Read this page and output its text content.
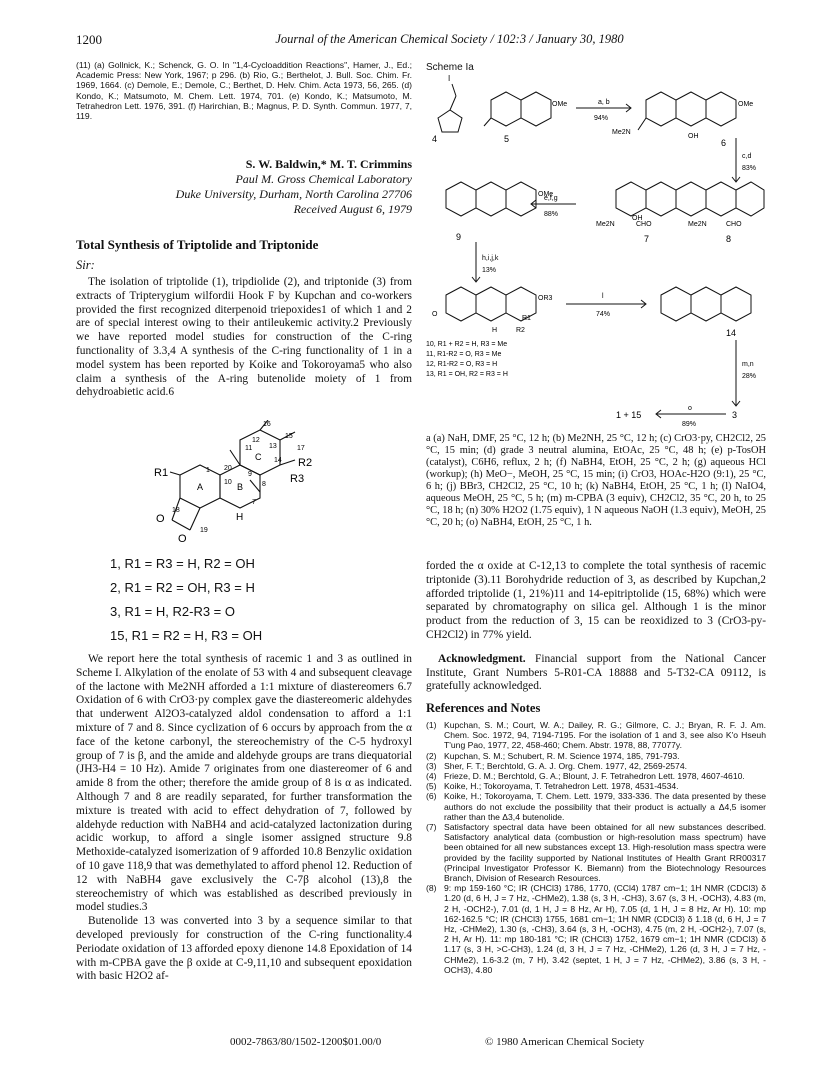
1200	Journal of the American Chemical Society / 102:3 / January 30, 1980
(11) (a) Gollnick, K.; Schenck, G. O. In "1,4-Cycloaddition Reactions", Hamer, J., Ed.; Academic Press: New York, 1967; p 296. (b) Rio, G.; Berthelot, J. Bull. Soc. Chim. Fr. 1969, 1664. (c) Demole, E.; Demole, C.; Berthet, D. Helv. Chim. Acta 1973, 56, 265. (d) Kondo, K.; Matsumoto, M. Chem. Lett. 1974, 701. (e) Kondo, K.; Matsumoto, M. Tetrahedron Lett. 1976, 391. (f) Harirchian, B.; Magnus, P. D. Synth. Commun. 1977, 7, 119.
S. W. Baldwin,* M. T. Crimmins
Paul M. Gross Chemical Laboratory
Duke University, Durham, North Carolina 27706
Received August 6, 1979
Total Synthesis of Triptolide and Triptonide
Sir:

The isolation of triptolide (1), tripdiolide (2), and triptonide (3) from extracts of Tripterygium wilfordii Hook F by Kupchan and co-workers provided the first recognized diterpenoid triepoxides1 of which 1 and 2 are of special interest owing to their antileukemic activity.2 Previously we have reported model studies for construction of the C-ring functionality of 3.3,4 A synthesis of the C-ring functionality of 1 in a model system has been reported by Koike and Tokoroyama5 who also claim a synthesis of the A-ring butenolide moiety of 1 from dehydroabietic acid.6

16
15
17
12
13
14
11
20
C	R2
R1	R3
A	10 B	8
1
9
7
H
18
O
O
19
1, R1 = R3 = H, R2 = OH
2, R1 = R2 = OH, R3 = H
3, R1 = H, R2-R3 = O
15, R1 = R2 = H, R3 = OH

We report here the total synthesis of racemic 1 and 3 as outlined in Scheme I. Alkylation of the enolate of 53 with 4 and subsequent cleavage of the lactone with Me2NH afforded a 1:1 mixture of diastereomers 6.7 Oxidation of 6 with CrO3·py complex gave the diastereomeric aldehydes that underwent Al2O3-catalyzed aldol condensation to afford a 1:1 mixture of 7 and 8. Since cyclization of 6 occurs by approach from the α face of the ketone carbonyl, the stereochemistry of the C-5 hydroxyl group of 7 is β, and the amide and aldehyde groups are trans diequatorial (JH3-H4 = 10 Hz). Amide 7 originates from one diastereomer of 6 and amide 8 from the other; therefore the amide group of 8 is α as indicated. Although 7 and 8 are readily separated, for further transformation the mixture is treated with acid to effect dehydration of 7, followed by aldehyde reduction with NaBH4 and acid-catalyzed lactonization during acidic workup, to afford a single isomer assigned structure 9.8 Methoxide-catalyzed isomerization of 9 afforded 10.8 Benzylic oxidation of 10 gave 118,9 that was demethylated to afford phenol 12. Reduction of 12 with NaBH4 gave exclusively the C-7β alcohol (13),8 the stereochemistry of which was established as described previously in model studies.3

Butenolide 13 was converted into 3 by a sequence similar to that developed previously for construction of the C-ring functionality.4 Periodate oxidation of 13 afforded epoxy dienone 14.8 Epoxidation of 14 with m-CPBA gave the β oxide at C-9,11,10 and subsequent epoxidation with basic H2O2 af-

Scheme Ia
4	5	6
7	8
9
14
I
OMe	OMe
Me2N
OH
OMe
Me2N	CHO
OH
Me2N	CHO
OR3
R1
R2
H
O
a, b
94%
c,d
83%
e,f,g
88%
h,i,j,k
13%
l
74%
m,n
28%
o
89%
10, R1 + R2 = H, R3 = Me
11, R1-R2 = O, R3 = Me
12, R1-R2 = O, R3 = H
13, R1 = OH, R2 = R3 = H
1 + 15	3
a (a) NaH, DMF, 25 °C, 12 h; (b) Me2NH, 25 °C, 12 h; (c) CrO3·py, CH2Cl2, 25 °C, 15 min; (d) grade 3 neutral alumina, EtOAc, 25 °C, 48 h; (e) p-TosOH (catalyst), C6H6, reflux, 2 h; (f) NaBH4, EtOH, 25 °C, 2 h; (g) aqueous HCl (workup); (h) MeO−, MeOH, 25 °C, 15 min; (i) CrO3, HOAc-H2O (9:1), 25 °C, 6 h; (j) BBr3, CH2Cl2, 25 °C, 10 h; (k) NaBH4, EtOH, 25 °C, 1 h; (l) NaIO4, aqueous MeOH, 25 °C, 5 h; (m) m-CPBA (3 equiv), CH2Cl2, 35 °C, 20 h, to 25 °C, 18 h; (n) 30% H2O2 (1.75 equiv), 1 N aqueous NaOH (1.3 equiv), MeOH, 25 °C, 20 h; (o) NaBH4, EtOH, 25 °C, 1 h.

forded the α oxide at C-12,13 to complete the total synthesis of racemic triptonide (3).11 Borohydride reduction of 3, as described by Kupchan,2 afforded triptolide (1, 21%)11 and 14-epitriptolide (15, 68%) which were separated by chromatography on silica gel. Although 1 is the minor product from the reduction of 3, 15 can be reoxidized to 3 (CrO3-py-CH2Cl2) in 77% yield.

Acknowledgment. Financial support from the National Cancer Institute, Grant Numbers 5-R01-CA 18888 and 5-T32-CA 09112, is gratefully acknowledged.

References and Notes
(1) Kupchan, S. M.; Court, W. A.; Dailey, R. G.; Gilmore, C. J.; Bryan, R. F. J. Am. Chem. Soc. 1972, 94, 7194-7195. For the isolation of 1 and 3, see also K'o Hseuh T'ung Pao, 1977, 22, 458-460; Chem. Abstr. 1978, 88, 77077y.
(2) Kupchan, S. M.; Schubert, R. M. Science 1974, 185, 791-793.
(3) Sher, F. T.; Berchtold, G. A. J. Org. Chem. 1977, 42, 2569-2574.
(4) Frieze, D. M.; Berchtold, G. A.; Blount, J. F. Tetrahedron Lett. 1978, 4607-4610.
(5) Koike, H.; Tokoroyama, T. Tetrahedron Lett. 1978, 4531-4534.
(6) Koike, H.; Tokoroyama, T. Chem. Lett. 1979, 333-336. The data presented by these authors do not exclude the possibility that their product is actually a Δ4,5 isomer rather than the Δ3,4 butenolide.
(7) Satisfactory spectral data have been obtained for all new substances described. Satisfactory analytical data (combustion or high-resolution mass spectrum) have been obtained for all new substances except 13. High-resolution mass spectra were provided by the facility supported by National Institutes of Health Grant RR00317 (Principal Investigator Professor K. Biemann) from the Biotechnology Resources Branch, Division of Research Resources.
(8) 9: mp 159-160 °C; IR (CHCl3) 1786, 1770, (CCl4) 1787 cm−1; 1H NMR (CDCl3) δ 1.20 (d, 6 H, J = 7 Hz, -CHMe2), 1.38 (s, 3 H, -CH3), 3.67 (s, 3 H, -OCH3), 4.83 (m, 2 H, -OCH2-), 7.01 (d, 1 H, J = 8 Hz, Ar H), 7.05 (d, 1 H, J = 8 Hz, Ar H). 10: mp 162-162.5 °C; IR (CHCl3) 1755, 1681 cm−1; 1H NMR (CDCl3) δ 1.18 (d, 6 H, J = 7 Hz, -CHMe2), 1.30 (s, -CH3), 3.64 (s, 3 H, -OCH3), 4.75 (m, 2 H, -OCH2-), 7.07 (s, 2 H, Ar H). 11: mp 180-181 °C; IR (CHCl3) 1752, 1679 cm−1; 1H NMR (CDCl3) δ 1.17 (s, 3 H, >C-CH3), 1.24 (d, 3 H, J = 7 Hz, -CHMe2), 1.26 (d, 3 H, J = 7 Hz, -CHMe2), 1.6-3.2 (m, 7 H), 3.42 (septet, 1 H, J = 7 Hz, -CHMe2), 3.86 (s, 3 H, -OCH3), 4.80
0002-7863/80/1502-1200$01.00/0	© 1980 American Chemical Society
